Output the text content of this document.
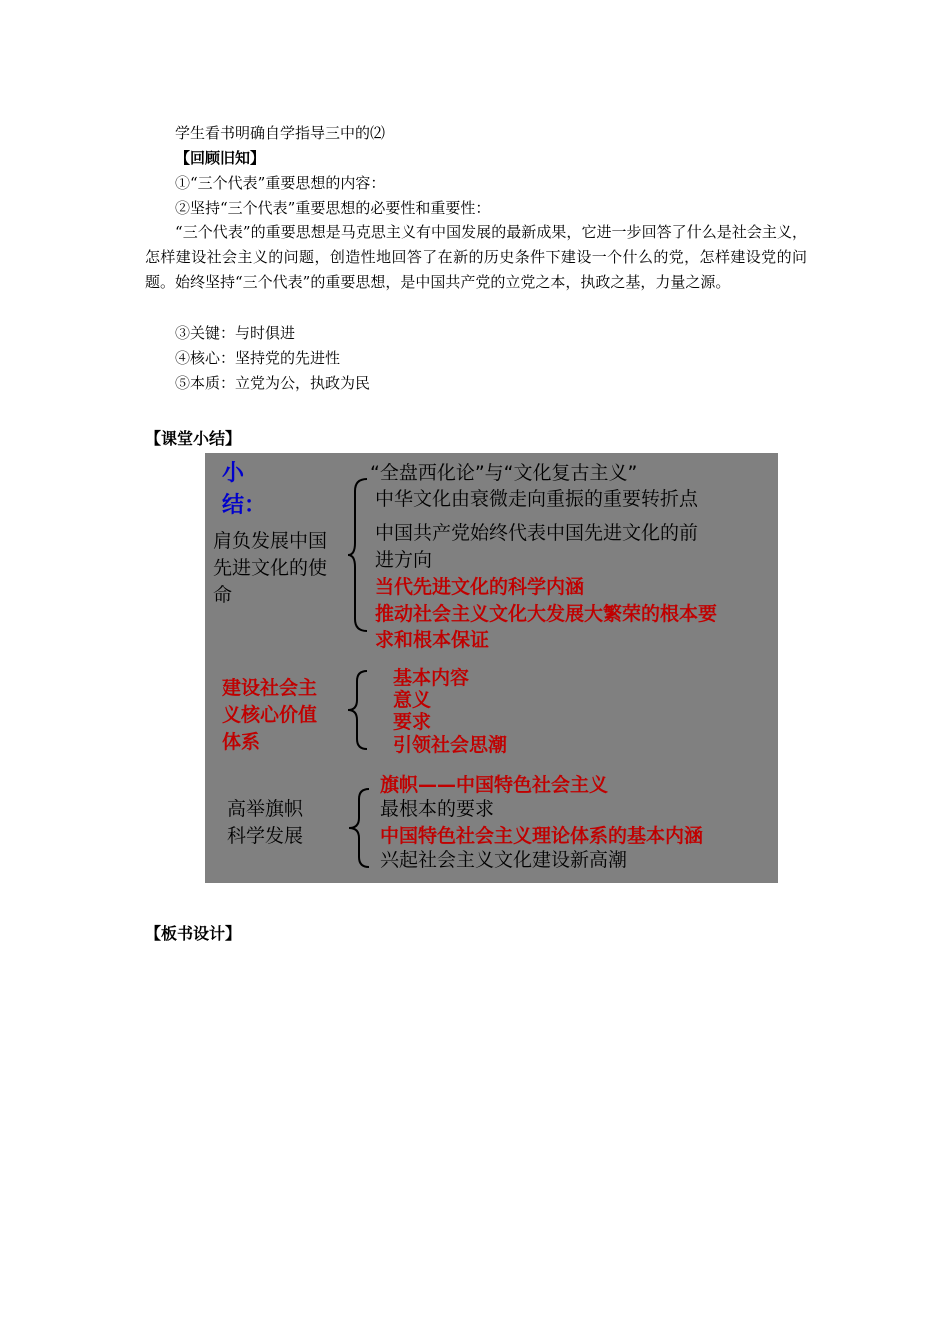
学生看书明确自学指导三中的⑵
【回顾旧知】
①“三个代表”重要思想的内容：
②坚持“三个代表”重要思想的必要性和重要性：
“三个代表”的重要思想是马克思主义有中国发展的最新成果，它进一步回答了什么是社会主义，怎样建设社会主义的问题，创造性地回答了在新的历史条件下建设一个什么的党，怎样建设党的问题。始终坚持“三个代表”的重要思想，是中国共产党的立党之本，执政之基，力量之源。
③关键：与时俱进
④核心：坚持党的先进性
⑤本质：立党为公，执政为民
【课堂小结】
小
结：
肩负发展中国
先进文化的使
命
“全盘西化论”与“文化复古主义”
中华文化由衰微走向重振的重要转折点
中国共产党始终代表中国先进文化的前
进方向
当代先进文化的科学内涵
推动社会主义文化大发展大繁荣的根本要
求和根本保证
建设社会主
义核心价值
体系
基本内容
意义
要求
引领社会思潮
高举旗帜
科学发展
旗帜——中国特色社会主义
最根本的要求
中国特色社会主义理论体系的基本内涵
兴起社会主义文化建设新高潮
【板书设计】
